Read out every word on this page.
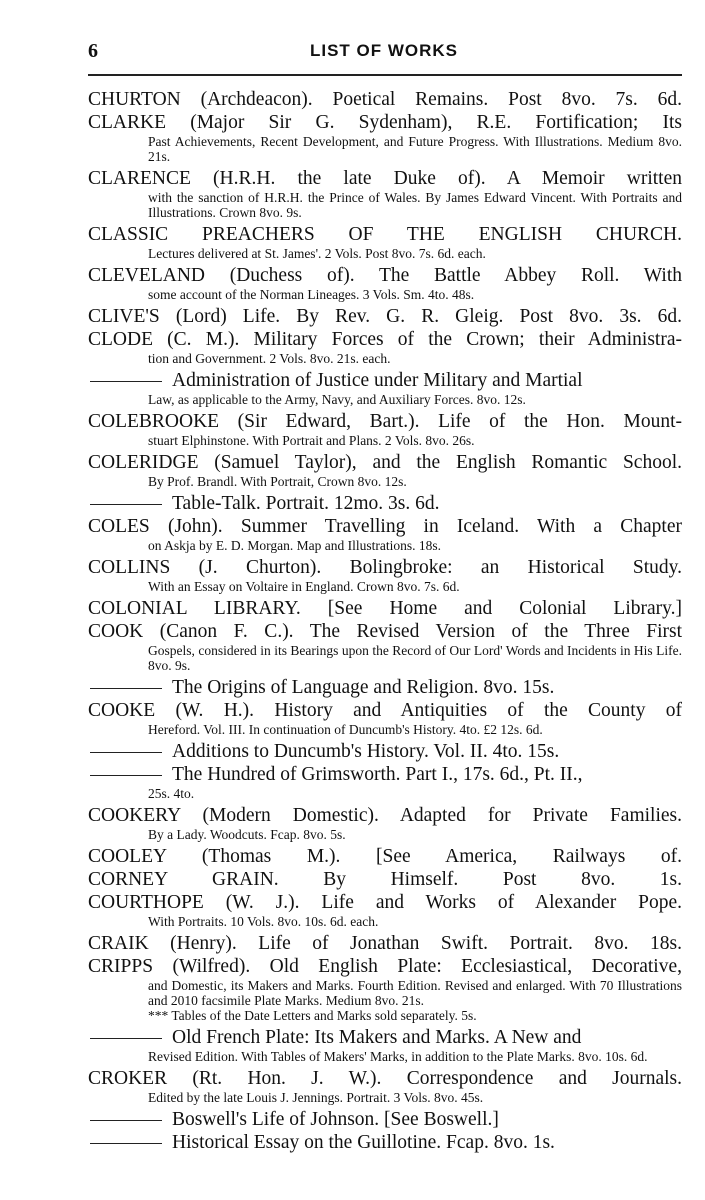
6	LIST OF WORKS
CHURTON (Archdeacon). Poetical Remains. Post 8vo. 7s. 6d.
CLARKE (Major Sir G. Sydenham), R.E. Fortification; Its

Past Achievements, Recent Development, and Future Progress. With Illustrations. Medium 8vo. 21s.

CLARENCE (H.R.H. the late Duke of). A Memoir written

with the sanction of H.R.H. the Prince of Wales. By James Edward Vincent. With Portraits and Illustrations. Crown 8vo. 9s.

CLASSIC PREACHERS OF THE ENGLISH CHURCH.

Lectures delivered at St. James'. 2 Vols. Post 8vo. 7s. 6d. each.

CLEVELAND (Duchess of). The Battle Abbey Roll. With

some account of the Norman Lineages. 3 Vols. Sm. 4to. 48s.

CLIVE'S (Lord) Life. By Rev. G. R. Gleig. Post 8vo. 3s. 6d.
CLODE (C. M.). Military Forces of the Crown; their Administra-

tion and Government. 2 Vols. 8vo. 21s. each.

Administration of Justice under Military and Martial

Law, as applicable to the Army, Navy, and Auxiliary Forces. 8vo. 12s.

COLEBROOKE (Sir Edward, Bart.). Life of the Hon. Mount-

stuart Elphinstone. With Portrait and Plans. 2 Vols. 8vo. 26s.

COLERIDGE (Samuel Taylor), and the English Romantic School.

By Prof. Brandl. With Portrait, Crown 8vo. 12s.

Table-Talk. Portrait. 12mo. 3s. 6d.
COLES (John). Summer Travelling in Iceland. With a Chapter

on Askja by E. D. Morgan. Map and Illustrations. 18s.

COLLINS (J. Churton). Bolingbroke: an Historical Study.

With an Essay on Voltaire in England. Crown 8vo. 7s. 6d.

COLONIAL LIBRARY. [See Home and Colonial Library.]
COOK (Canon F. C.). The Revised Version of the Three First

Gospels, considered in its Bearings upon the Record of Our Lord' Words and Incidents in His Life. 8vo. 9s.

The Origins of Language and Religion. 8vo. 15s.
COOKE (W. H.). History and Antiquities of the County of

Hereford. Vol. III. In continuation of Duncumb's History. 4to. £2 12s. 6d.

Additions to Duncumb's History. Vol. II. 4to. 15s.
The Hundred of Grimsworth. Part I., 17s. 6d., Pt. II.,

25s. 4to.

COOKERY (Modern Domestic). Adapted for Private Families.

By a Lady. Woodcuts. Fcap. 8vo. 5s.

COOLEY (Thomas M.). [See America, Railways of.
CORNEY GRAIN. By Himself. Post 8vo. 1s.
COURTHOPE (W. J.). Life and Works of Alexander Pope.

With Portraits. 10 Vols. 8vo. 10s. 6d. each.

CRAIK (Henry). Life of Jonathan Swift. Portrait. 8vo. 18s.
CRIPPS (Wilfred). Old English Plate: Ecclesiastical, Decorative,

and Domestic, its Makers and Marks. Fourth Edition. Revised and enlarged. With 70 Illustrations and 2010 facsimile Plate Marks. Medium 8vo. 21s.

*** Tables of the Date Letters and Marks sold separately. 5s.

Old French Plate: Its Makers and Marks. A New and

Revised Edition. With Tables of Makers' Marks, in addition to the Plate Marks. 8vo. 10s. 6d.

CROKER (Rt. Hon. J. W.). Correspondence and Journals.

Edited by the late Louis J. Jennings. Portrait. 3 Vols. 8vo. 45s.

Boswell's Life of Johnson. [See Boswell.]
Historical Essay on the Guillotine. Fcap. 8vo. 1s.
